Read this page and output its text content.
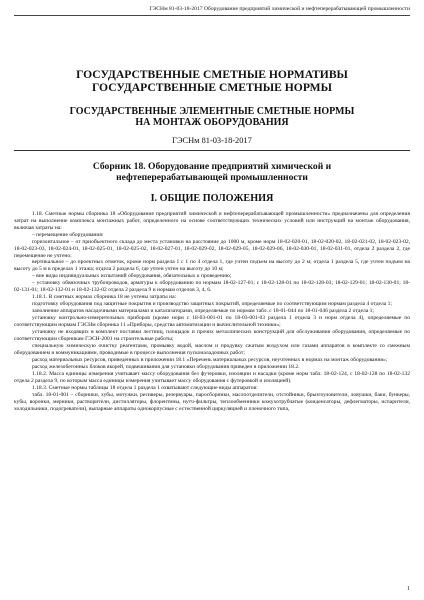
ГЭСНм 81-03-18-2017 Оборудование предприятий химической и нефтеперерабатывающей промышленности
ГОСУДАРСТВЕННЫЕ СМЕТНЫЕ НОРМАТИВЫ
ГОСУДАРСТВЕННЫЕ СМЕТНЫЕ НОРМЫ
ГОСУДАРСТВЕННЫЕ ЭЛЕМЕНТНЫЕ СМЕТНЫЕ НОРМЫ
НА МОНТАЖ ОБОРУДОВАНИЯ
ГЭСНм 81-03-18-2017
Сборник 18. Оборудование предприятий химической и
нефтеперерабатывающей промышленности
I. ОБЩИЕ ПОЛОЖЕНИЯ

1.18. Сметные нормы сборника 18 «Оборудование предприятий химической и нефтеперерабатывающей промышленности» предназначены для определения затрат на выполнение комплекса монтажных работ, определенного на основе соответствующих технических условий или инструкций на монтаж оборудования, включая затраты на:

– перемещение оборудования:

горизонтальное – от приобъектного склада до места установки на расстояние до 1000 м, кроме норм 18-02-020-01, 18-02-020-02, 18-02-021-02, 18-02-023-02, 18-02-023-03, 18-02-024-01, 18-02-025-01, 18-02-025-02, 18-02-027-01, 18-02-029-02, 18-02-029-05, 18-02-029-06, 18-02-030-01, 18-02-031-01, отдела 2 раздела 2, где перемещение не учтено;

вертикальное – до проектных отметок, кроме норм раздела 1 с 1 по 4 отдела 1, где учтен подъем на высоту до 2 м; отдела 1 раздела 5, где учтен подъем на высоту до 5 м в пределах 1 этажа; отдела 2 раздела 6, где учтен учтен на высоту до 10 м;

– вне виды индивидуальных испытаний оборудования, обязательных к проведению;

– установку обвязочных трубопроводов, арматуры к оборудованию по нормам 18-02-127-01; с 18-02-128-01 по 18-02-128-03; 18-02-129-01; 18-02-130-01; 18-02-131-01; 18-02-132-01 и 18-02-132-02 отдела 2 раздела 9 и нормам отделов 3, 4, 6.

1.18.1. В сметных нормах сборника 18 не учтены затраты на:

подготовку оборудования под защитные покрытия и производство защитных покрытий, определяемые по соответствующим нормам раздела 4 отдела 1;

заполнение аппаратов насадочными материалами и катализаторами, определяемые по нормам табл. с 18-01-044 по 18-01-046 раздела 2 отдела 1;

установку контрольно-измерительных приборов (кроме норм с 18-03-001-01 по 18-03-001-03 раздела 1 отдела 3 и норм отдела 4), определяемые по соответствующим нормам ГЭСНм сборника 11 «Приборы, средства автоматизации и вычислительной техники»;

установку не входящих в комплект поставки лестниц, площадок и прочих металлических конструкций для обслуживания оборудования, определяемые по соответствующим сборникам ГЭСН-2001 на строительные работы;

специальную химическую очистку реагентами, промывку водой, маслом и продувку сжатым воздухом или газами аппаратов в комплекте со смежным оборудованием и коммуникациями, проводимые в процессе выполнения пусконаладочных работ;

расход материальных ресурсов, приведенных в приложении 18.1 «Перечень материальных ресурсов, неучтенных в нормах на монтаж оборудования»;

расход железобетонных блоков якорей, подвешивания для установки оборудования приведен в приложении 18.2.

1.18.2. Масса единицы измерения учитывает массу оборудования без футеровки, изоляции и насадки (кроме норм табл. 18-02-124, с 18-02-128 по 18-02-132 отдела 2 раздела 9, по которым масса единицы измерения учитывает массу оборудования с футеровкой и изоляцией).

1.18.3. Сметные нормы таблицы 18 отдела 1 раздела 1 охватывают следующие виды аппаратов:

табл. 18-01-001 – сборники, хубы, мотужки, ресиверы, резервуары, пароcборники, маслоотделители, отстойники, брызгоуловители, ловушки, баки, бункеры, кубы, воронки, мерники, растворители, дистилляторы, флорентины, нутч-фильтры, теплообменники кожухотрубчатые (конденсаторы, дефлегматоры, испарители, холодильники, подогреватели), выпарные аппараты однокорпусные с естественной циркуляцией и пленочного типа,

1
